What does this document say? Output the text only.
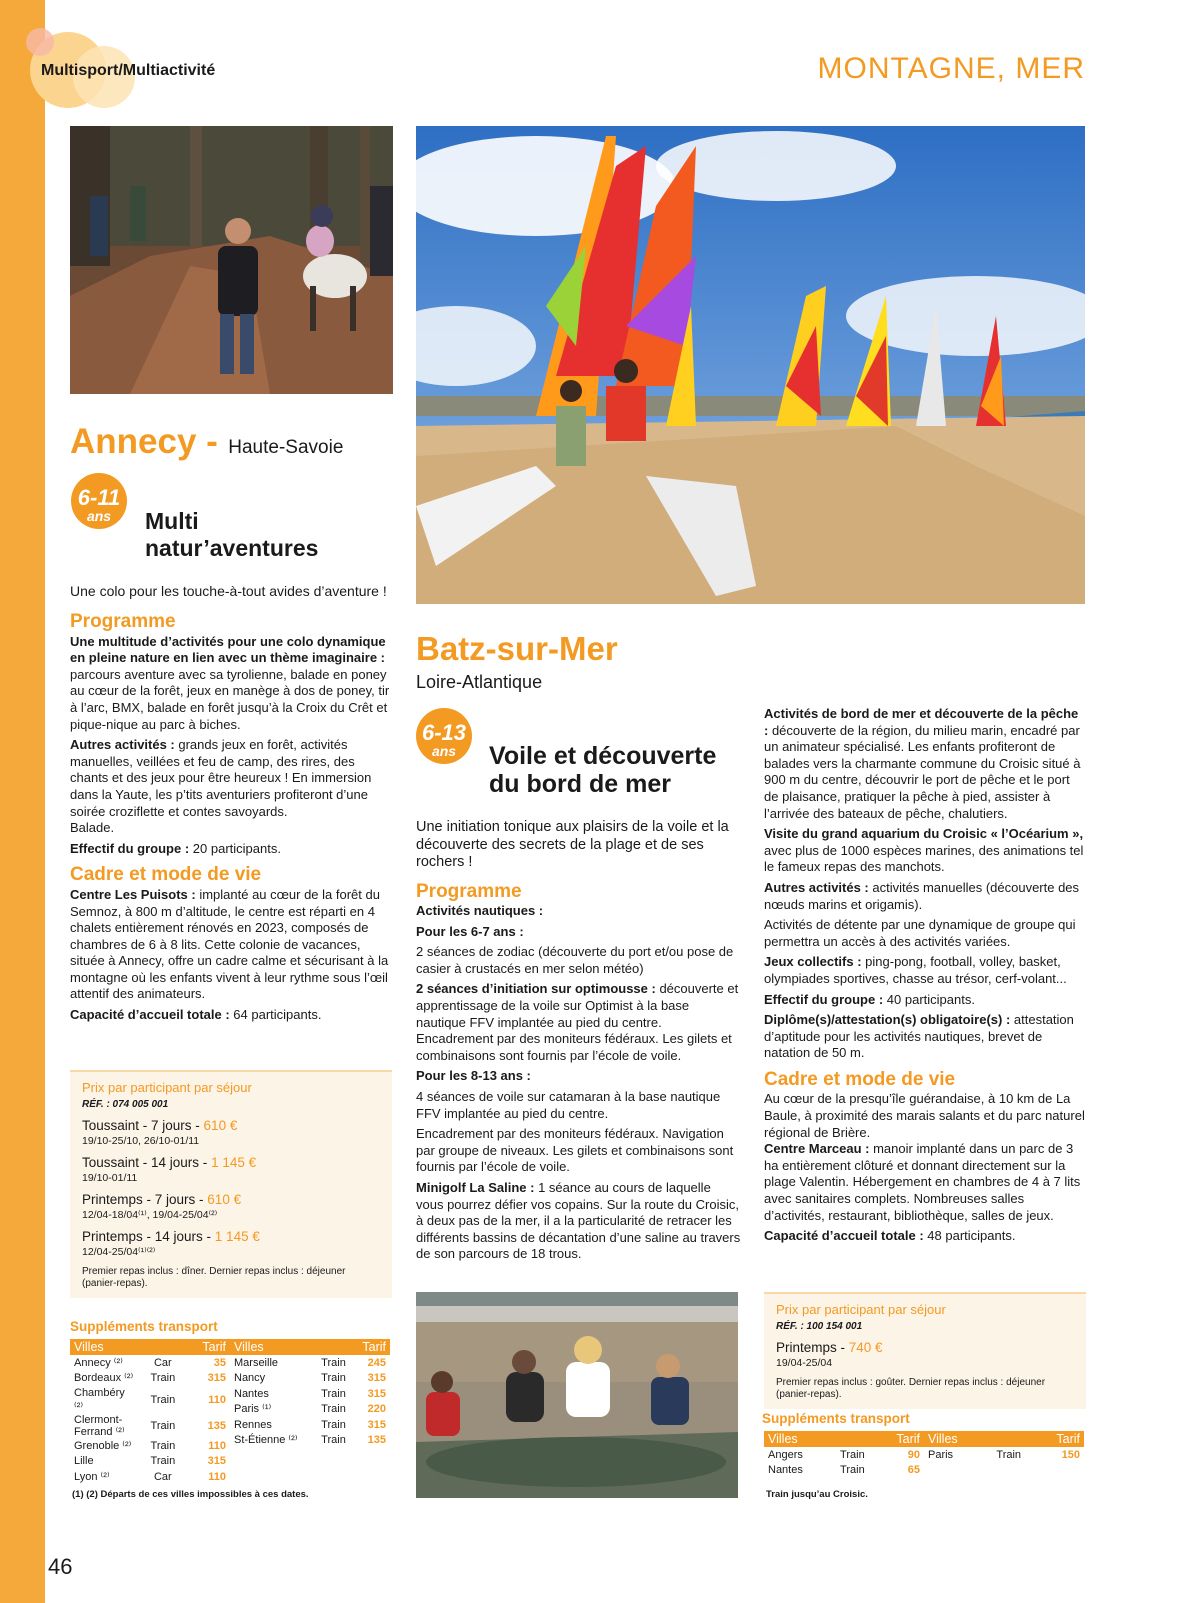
Multisport/Multiactivité	MONTAGNE, MER
Annecy - Haute-Savoie
6-11
ans	Multi
natur’aventures

Une colo pour les touche-à-tout avides d’aventure !

Programme

Une multitude d’activités pour une colo dynamique en pleine nature en lien avec un thème imaginaire : parcours aventure avec sa tyrolienne, balade en poney au cœur de la forêt, jeux en manège à dos de poney, tir à l’arc, BMX, balade en forêt jusqu’à la Croix du Crêt et pique-nique au parc à biches.

Autres activités : grands jeux en forêt, activités manuelles, veillées et feu de camp, des rires, des chants et des jeux pour être heureux ! En immersion dans la Yaute, les p’tits aventuriers profiteront d’une soirée croziflette et contes savoyards.
Balade.

Effectif du groupe : 20 participants.

Cadre et mode de vie

Centre Les Puisots : implanté au cœur de la forêt du Semnoz, à 800 m d’altitude, le centre est réparti en 4 chalets entièrement rénovés en 2023, composés de chambres de 6 à 8 lits. Cette colonie de vacances, située à Annecy, offre un cadre calme et sécurisant à la montagne où les enfants vivent à leur rythme sous l’œil attentif des animateurs.

Capacité d’accueil totale : 64 participants.

Prix par participant par séjour
RÉF. : 074 005 001
Toussaint - 7 jours - 610 €
19/10-25/10, 26/10-01/11
Toussaint - 14 jours - 1 145 €
19/10-01/11
Printemps - 7 jours - 610 €
12/04-18/04⁽¹⁾, 19/04-25/04⁽²⁾
Printemps - 14 jours - 1 145 €
12/04-25/04⁽¹⁾⁽²⁾
Premier repas inclus : dîner. Dernier repas inclus : déjeuner (panier-repas).
Suppléments transport
Villes		Tarif
Annecy ⁽²⁾	Car	35
Bordeaux ⁽²⁾	Train	315
Chambéry ⁽²⁾	Train	110
Clermont-Ferrand ⁽²⁾	Train	135
Grenoble ⁽²⁾	Train	110
Lille	Train	315
Lyon ⁽²⁾	Car	110
Villes		Tarif
Marseille	Train	245
Nancy	Train	315
Nantes	Train	315
Paris ⁽¹⁾	Train	220
Rennes	Train	315
St-Étienne ⁽²⁾	Train	135
(1) (2) Départs de ces villes impossibles à ces dates.
Batz-sur-Mer
Loire-Atlantique
6-13
ans	Voile et découverte
du bord de mer

Une initiation tonique aux plaisirs de la voile et la découverte des secrets de la plage et de ses rochers !

Programme

Activités nautiques :

Pour les 6-7 ans :

2 séances de zodiac (découverte du port et/ou pose de casier à crustacés en mer selon météo)

2 séances d’initiation sur optimousse : découverte et apprentissage de la voile sur Optimist à la base nautique FFV implantée au pied du centre. Encadrement par des moniteurs fédéraux. Les gilets et combinaisons sont fournis par l’école de voile.

Pour les 8-13 ans :

4 séances de voile sur catamaran à la base nautique FFV implantée au pied du centre.

Encadrement par des moniteurs fédéraux. Navigation par groupe de niveaux. Les gilets et combinaisons sont fournis par l’école de voile.

Minigolf La Saline : 1 séance au cours de laquelle vous pourrez défier vos copains. Sur la route du Croisic, à deux pas de la mer, il a la particularité de retracer les différents bassins de décantation d’une saline au travers de son parcours de 18 trous.

Activités de bord de mer et découverte de la pêche : découverte de la région, du milieu marin, encadré par un animateur spécialisé. Les enfants profiteront de balades vers la charmante commune du Croisic situé à 900 m du centre, découvrir le port de pêche et le port de plaisance, pratiquer la pêche à pied, assister à l’arrivée des bateaux de pêche, chalutiers.

Visite du grand aquarium du Croisic « l’Océarium », avec plus de 1000 espèces marines, des animations tel le fameux repas des manchots.

Autres activités : activités manuelles (découverte des nœuds marins et origamis).

Activités de détente par une dynamique de groupe qui permettra un accès à des activités variées.

Jeux collectifs : ping-pong, football, volley, basket, olympiades sportives, chasse au trésor, cerf-volant...

Effectif du groupe : 40 participants.

Diplôme(s)/attestation(s) obligatoire(s) : attestation d’aptitude pour les activités nautiques, brevet de natation de 50 m.

Cadre et mode de vie

Au cœur de la presqu’île guérandaise, à 10 km de La Baule, à proximité des marais salants et du parc naturel régional de Brière.

Centre Marceau : manoir implanté dans un parc de 3 ha entièrement clôturé et donnant directement sur la plage Valentin. Hébergement en chambres de 4 à 7 lits avec sanitaires complets. Nombreuses salles d’activités, restaurant, bibliothèque, salles de jeux.

Capacité d’accueil totale : 48 participants.

Prix par participant par séjour
RÉF. : 100 154 001
Printemps - 740 €
19/04-25/04
Premier repas inclus : goûter. Dernier repas inclus : déjeuner (panier-repas).
Suppléments transport
Villes		Tarif
Angers	Train	90
Nantes	Train	65
Villes		Tarif
Paris	Train	150
Train jusqu’au Croisic.
46
